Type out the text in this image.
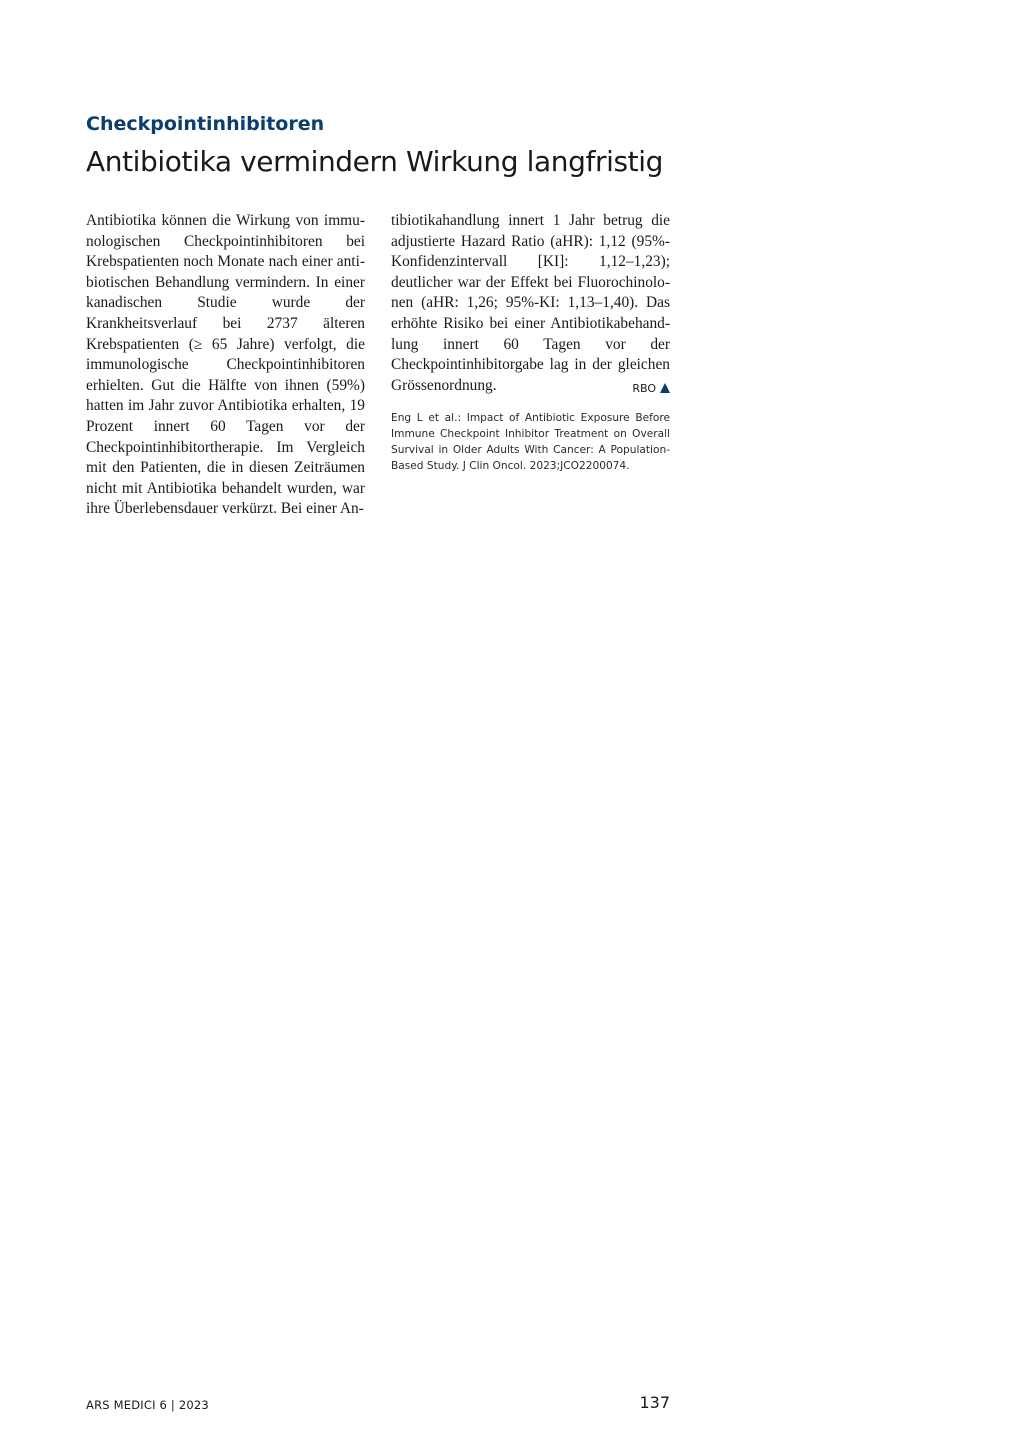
Checkpointinhibitoren
Antibiotika vermindern Wirkung langfristig

Antibiotika können die Wirkung von immunologischen Checkpointinhibitoren bei Krebspatienten noch Monate nach einer antibiotischen Behandlung vermindern. In einer kanadischen Studie wurde der Krankheitsverlauf bei 2737 älteren Krebspatienten (≥ 65 Jahre) verfolgt, die immunologische Checkpointinhibitoren erhielten. Gut die Hälfte von ihnen (59%) hatten im Jahr zuvor Antibiotika erhalten, 19 Prozent innert 60 Tagen vor der Checkpointinhibitortherapie. Im Vergleich mit den Patienten, die in diesen Zeiträumen nicht mit Antibiotika behandelt wurden, war ihre Überlebensdauer verkürzt. Bei einer An-

tibiotikahandlung innert 1 Jahr betrug die adjustierte Hazard Ratio (aHR): 1,12 (95%-Konfidenzintervall [KI]: 1,12–1,23); deutlicher war der Effekt bei Fluorochinolonen (aHR: 1,26; 95%-KI: 1,13–1,40). Das erhöhte Risiko bei einer Antibiotikabehandlung innert 60 Tagen vor der Checkpointinhibitorgabe lag in der gleichen Grössenordnung.	RBO

Eng L et al.: Impact of Antibiotic Exposure Before Immune Checkpoint Inhibitor Treatment on Overall Survival in Older Adults With Cancer: A Population-Based Study. J Clin Oncol. 2023;JCO2200074.

ARS MEDICI 6 | 2023	137
